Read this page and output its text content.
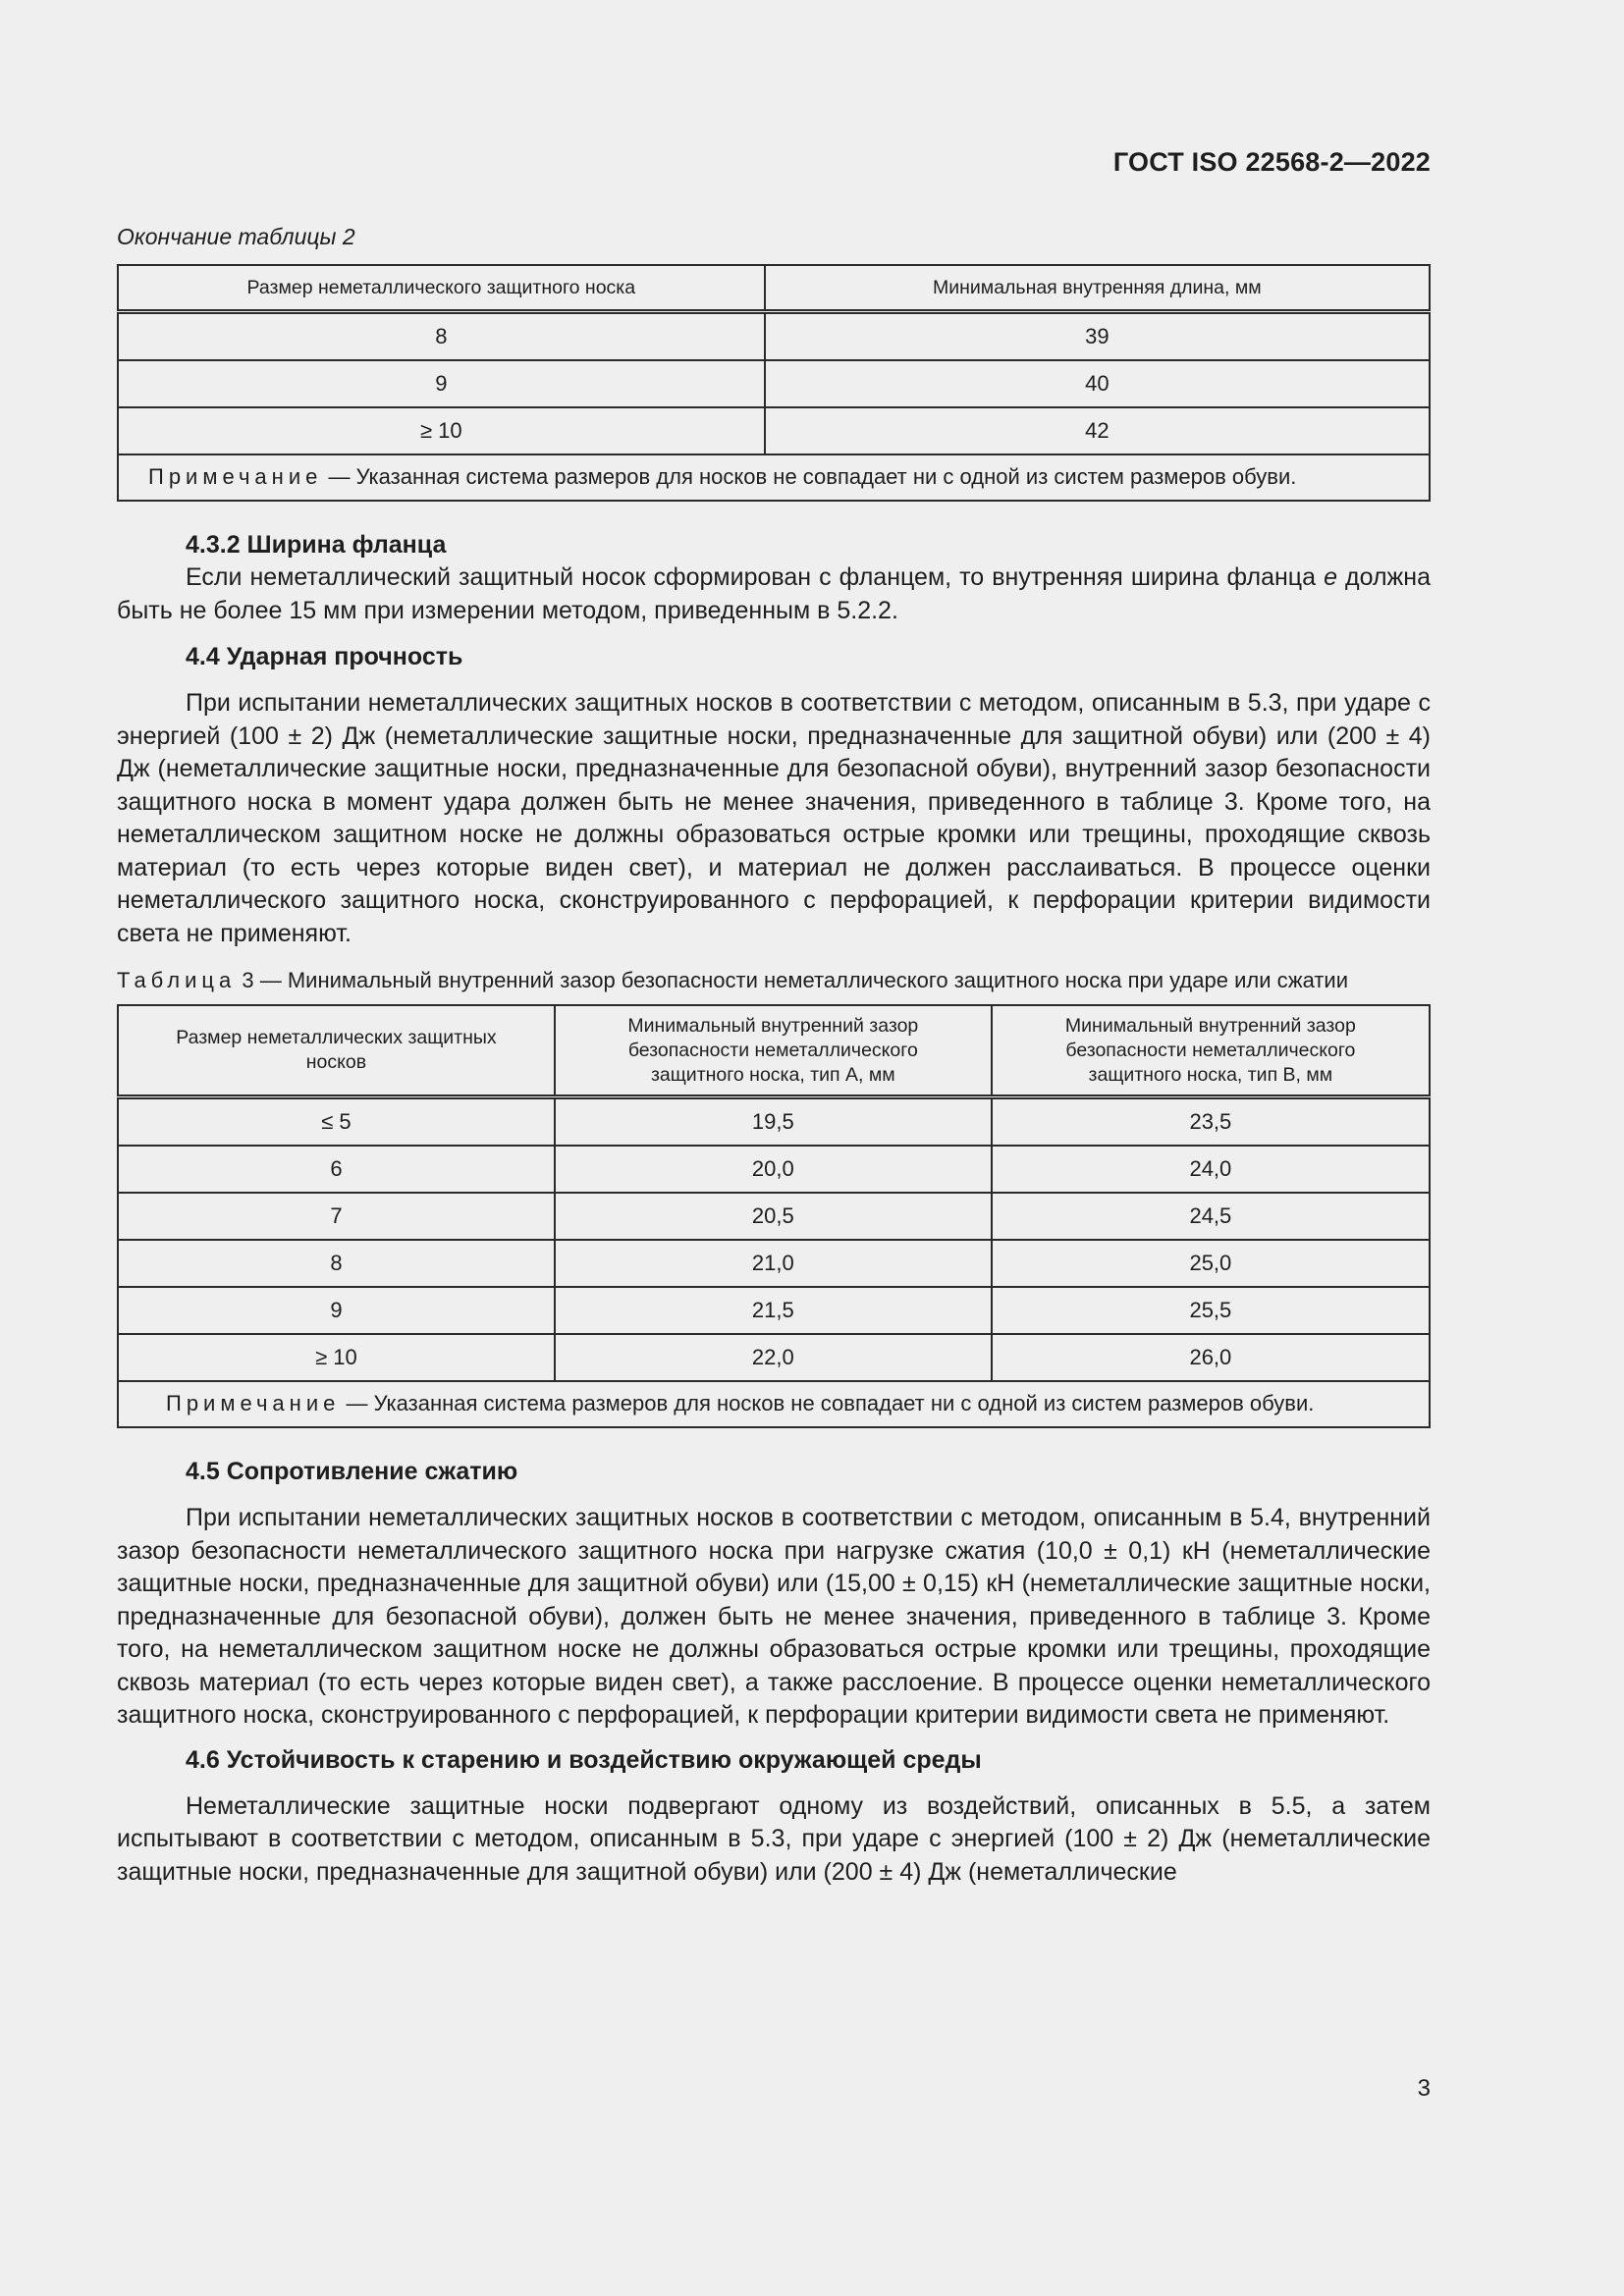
ГОСТ ISO 22568-2—2022

Окончание таблицы 2

Размер неметаллического защитного носка	Минимальная внутренняя длина, мм
8	39
9	40
≥ 10	42
Примечание — Указанная система размеров для носков не совпадает ни с одной из систем размеров обуви.	
4.3.2 Ширина фланца

Если неметаллический защитный носок сформирован с фланцем, то внутренняя ширина фланца e должна быть не более 15 мм при измерении методом, приведенным в 5.2.2.

4.4 Ударная прочность

При испытании неметаллических защитных носков в соответствии с методом, описанным в 5.3, при ударе с энергией (100 ± 2) Дж (неметаллические защитные носки, предназначенные для защитной обуви) или (200 ± 4) Дж (неметаллические защитные носки, предназначенные для безопасной обуви), внутренний зазор безопасности защитного носка в момент удара должен быть не менее значения, приведенного в таблице 3. Кроме того, на неметаллическом защитном носке не должны образоваться острые кромки или трещины, проходящие сквозь материал (то есть через которые виден свет), и материал не должен расслаиваться. В процессе оценки неметаллического защитного носка, сконструированного с перфорацией, к перфорации критерии видимости света не применяют.

Таблица 3 — Минимальный внутренний зазор безопасности неметаллического защитного носка при ударе или сжатии

Размер неметаллических защитных носков	Минимальный внутренний зазор безопасности неметаллического защитного носка, тип А, мм	Минимальный внутренний зазор безопасности неметаллического защитного носка, тип В, мм

≤ 5	19,5	23,5
6	20,0	24,0
7	20,5	24,5
8	21,0	25,0
9	21,5	25,5
≥ 10	22,0	26,0
Примечание — Указанная система размеров для носков не совпадает ни с одной из систем размеров обуви.		
4.5 Сопротивление сжатию

При испытании неметаллических защитных носков в соответствии с методом, описанным в 5.4, внутренний зазор безопасности неметаллического защитного носка при нагрузке сжатия (10,0 ± 0,1) кН (неметаллические защитные носки, предназначенные для защитной обуви) или (15,00 ± 0,15) кН (неметаллические защитные носки, предназначенные для безопасной обуви), должен быть не менее значения, приведенного в таблице 3. Кроме того, на неметаллическом защитном носке не должны образоваться острые кромки или трещины, проходящие сквозь материал (то есть через которые виден свет), а также расслоение. В процессе оценки неметаллического защитного носка, сконструированного с перфорацией, к перфорации критерии видимости света не применяют.

4.6 Устойчивость к старению и воздействию окружающей среды

Неметаллические защитные носки подвергают одному из воздействий, описанных в 5.5, а затем испытывают в соответствии с методом, описанным в 5.3, при ударе с энергией (100 ± 2) Дж (неметаллические защитные носки, предназначенные для защитной обуви) или (200 ± 4) Дж (неметаллические

3
